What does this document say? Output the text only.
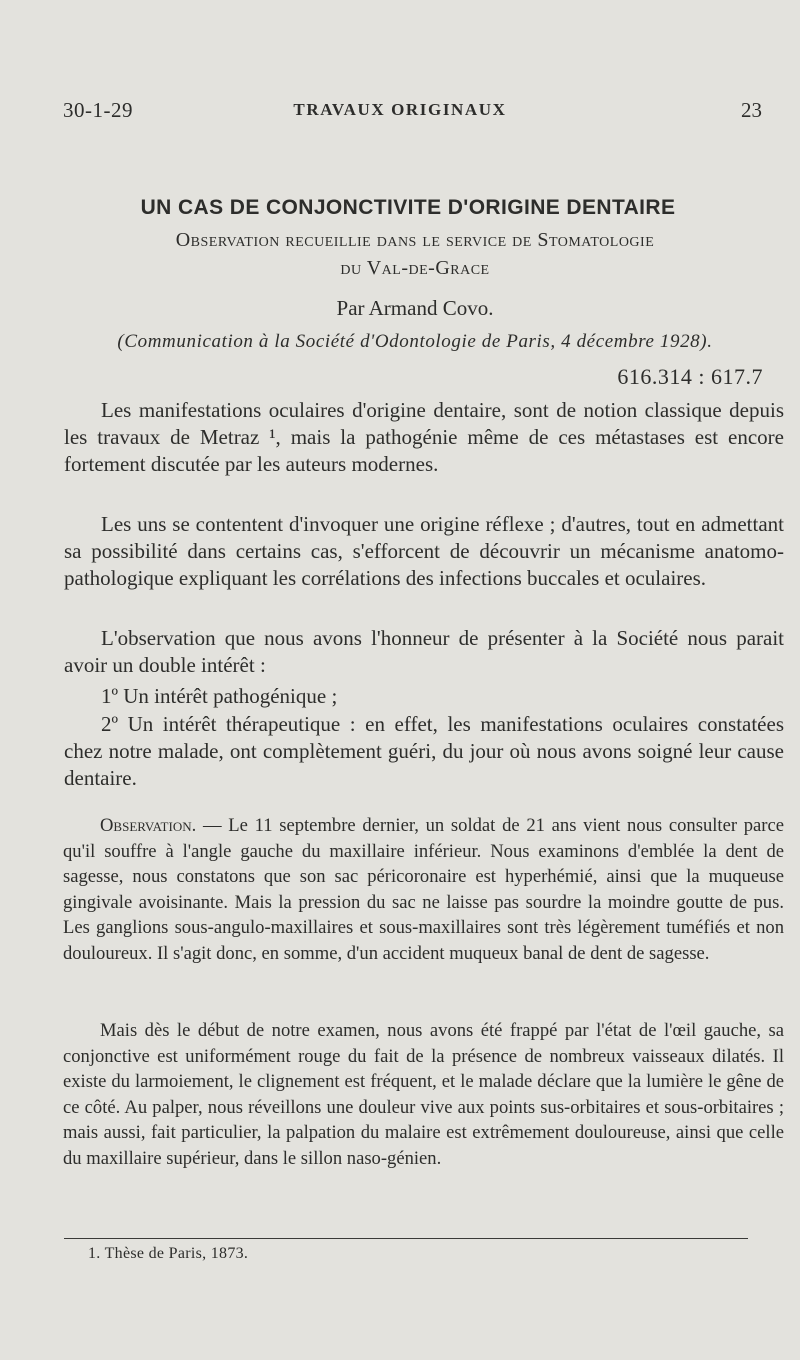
30-1-29	TRAVAUX ORIGINAUX	23
UN CAS DE CONJONCTIVITE D'ORIGINE DENTAIRE
Observation recueillie dans le service de Stomatologie
du Val-de-Grace
Par Armand Covo.
(Communication à la Société d'Odontologie de Paris, 4 décembre 1928).
616.314 : 617.7

Les manifestations oculaires d'origine dentaire, sont de notion classique depuis les travaux de Metraz ¹, mais la pathogénie même de ces métastases est encore fortement discutée par les auteurs modernes.

Les uns se contentent d'invoquer une origine réflexe ; d'autres, tout en admettant sa possibilité dans certains cas, s'efforcent de découvrir un mécanisme anatomo-pathologique expliquant les corrélations des infections buccales et oculaires.

L'observation que nous avons l'honneur de présenter à la Société nous parait avoir un double intérêt :

1º Un intérêt pathogénique ;

2º Un intérêt thérapeutique : en effet, les manifestations oculaires constatées chez notre malade, ont complètement guéri, du jour où nous avons soigné leur cause dentaire.

Observation. — Le 11 septembre dernier, un soldat de 21 ans vient nous consulter parce qu'il souffre à l'angle gauche du maxillaire inférieur. Nous examinons d'emblée la dent de sagesse, nous constatons que son sac péricoronaire est hyperhémié, ainsi que la muqueuse gingivale avoisinante. Mais la pression du sac ne laisse pas sourdre la moindre goutte de pus. Les ganglions sous-angulo-maxillaires et sous-maxillaires sont très légèrement tuméfiés et non douloureux. Il s'agit donc, en somme, d'un accident muqueux banal de dent de sagesse.

Mais dès le début de notre examen, nous avons été frappé par l'état de l'œil gauche, sa conjonctive est uniformément rouge du fait de la présence de nombreux vaisseaux dilatés. Il existe du larmoiement, le clignement est fréquent, et le malade déclare que la lumière le gêne de ce côté. Au palper, nous réveillons une douleur vive aux points sus-orbitaires et sous-orbitaires ; mais aussi, fait particulier, la palpation du malaire est extrêmement douloureuse, ainsi que celle du maxillaire supérieur, dans le sillon naso-génien.

1. Thèse de Paris, 1873.
